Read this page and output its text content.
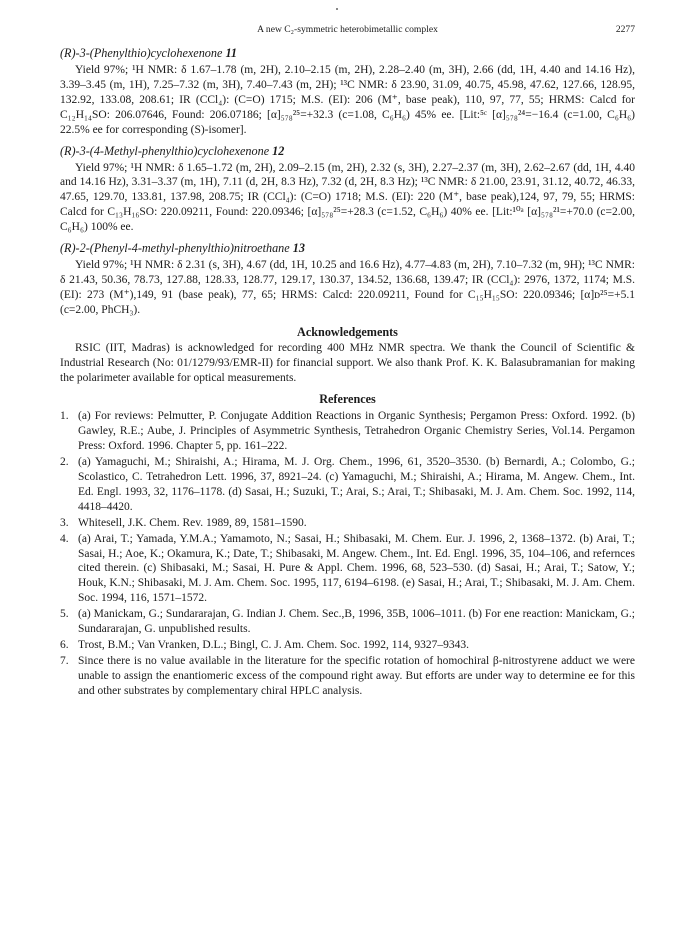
A new C₂-symmetric heterobimetallic complex	2277
(R)-3-(Phenylthio)cyclohexenone 11

Yield 97%; ¹H NMR: δ 1.67–1.78 (m, 2H), 2.10–2.15 (m, 2H), 2.28–2.40 (m, 3H), 2.66 (dd, 1H, 4.40 and 14.16 Hz), 3.39–3.45 (m, 1H), 7.25–7.32 (m, 3H), 7.40–7.43 (m, 2H); ¹³C NMR: δ 23.90, 31.09, 40.75, 45.98, 47.62, 127.66, 128.95, 132.92, 133.08, 208.61; IR (CCl₄): (C=O) 1715; M.S. (EI): 206 (M⁺, base peak), 110, 97, 77, 55; HRMS: Calcd for C₁₂H₁₄SO: 206.07646, Found: 206.07186; [α]₅₇₈²⁵=+32.3 (c=1.08, C₆H₆) 45% ee. [Lit:⁵ᶜ [α]₅₇₈²⁴=−16.4 (c=1.00, C₆H₆) 22.5% ee for corresponding (S)-isomer].

(R)-3-(4-Methyl-phenylthio)cyclohexenone 12

Yield 97%; ¹H NMR: δ 1.65–1.72 (m, 2H), 2.09–2.15 (m, 2H), 2.32 (s, 3H), 2.27–2.37 (m, 3H), 2.62–2.67 (dd, 1H, 4.40 and 14.16 Hz), 3.31–3.37 (m, 1H), 7.11 (d, 2H, 8.3 Hz), 7.32 (d, 2H, 8.3 Hz); ¹³C NMR: δ 21.00, 23.91, 31.12, 40.72, 46.33, 47.65, 129.70, 133.81, 137.98, 208.75; IR (CCl₄): (C=O) 1718; M.S. (EI): 220 (M⁺, base peak),124, 97, 79, 55; HRMS: Calcd for C₁₃H₁₆SO: 220.09211, Found: 220.09346; [α]₅₇₈²⁵=+28.3 (c=1.52, C₆H₆) 40% ee. [Lit:¹⁰ᵃ [α]₅₇₈²¹=+70.0 (c=2.00, C₆H₆) 100% ee.

(R)-2-(Phenyl-4-methyl-phenylthio)nitroethane 13

Yield 97%; ¹H NMR: δ 2.31 (s, 3H), 4.67 (dd, 1H, 10.25 and 16.6 Hz), 4.77–4.83 (m, 2H), 7.10–7.32 (m, 9H); ¹³C NMR: δ 21.43, 50.36, 78.73, 127.88, 128.33, 128.77, 129.17, 130.37, 134.52, 136.68, 139.47; IR (CCl₄): 2976, 1372, 1174; M.S. (EI): 273 (M⁺),149, 91 (base peak), 77, 65; HRMS: Calcd: 220.09211, Found for C₁₅H₁₅SO: 220.09346; [α]ᴅ²⁵=+5.1 (c=2.00, PhCH₃).

Acknowledgements

RSIC (IIT, Madras) is acknowledged for recording 400 MHz NMR spectra. We thank the Council of Scientific & Industrial Research (No: 01/1279/93/EMR-II) for financial support. We also thank Prof. K. K. Balasubramanian for making the polarimeter available for optical measurements.

References
1. (a) For reviews: Pelmutter, P. Conjugate Addition Reactions in Organic Synthesis; Pergamon Press: Oxford. 1992. (b) Gawley, R.E.; Aube, J. Principles of Asymmetric Synthesis, Tetrahedron Organic Chemistry Series, Vol.14. Pergamon Press: Oxford. 1996. Chapter 5, pp. 161–222.
2. (a) Yamaguchi, M.; Shiraishi, A.; Hirama, M. J. Org. Chem., 1996, 61, 3520–3530. (b) Bernardi, A.; Colombo, G.; Scolastico, C. Tetrahedron Lett. 1996, 37, 8921–24. (c) Yamaguchi, M.; Shiraishi, A.; Hirama, M. Angew. Chem., Int. Ed. Engl. 1993, 32, 1176–1178. (d) Sasai, H.; Suzuki, T.; Arai, S.; Arai, T.; Shibasaki, M. J. Am. Chem. Soc. 1992, 114, 4418–4420.
3. Whitesell, J.K. Chem. Rev. 1989, 89, 1581–1590.
4. (a) Arai, T.; Yamada, Y.M.A.; Yamamoto, N.; Sasai, H.; Shibasaki, M. Chem. Eur. J. 1996, 2, 1368–1372. (b) Arai, T.; Sasai, H.; Aoe, K.; Okamura, K.; Date, T.; Shibasaki, M. Angew. Chem., Int. Ed. Engl. 1996, 35, 104–106, and refernces cited therein. (c) Shibasaki, M.; Sasai, H. Pure & Appl. Chem. 1996, 68, 523–530. (d) Sasai, H.; Arai, T.; Satow, Y.; Houk, K.N.; Shibasaki, M. J. Am. Chem. Soc. 1995, 117, 6194–6198. (e) Sasai, H.; Arai, T.; Shibasaki, M. J. Am. Chem. Soc. 1994, 116, 1571–1572.
5. (a) Manickam, G.; Sundararajan, G. Indian J. Chem. Sec.,B, 1996, 35B, 1006–1011. (b) For ene reaction: Manickam, G.; Sundararajan, G. unpublished results.
6. Trost, B.M.; Van Vranken, D.L.; Bingl, C. J. Am. Chem. Soc. 1992, 114, 9327–9343.
7. Since there is no value available in the literature for the specific rotation of homochiral β-nitrostyrene adduct we were unable to assign the enantiomeric excess of the compound right away. But efforts are under way to determine ee for this and other substrates by complementary chiral HPLC analysis.
